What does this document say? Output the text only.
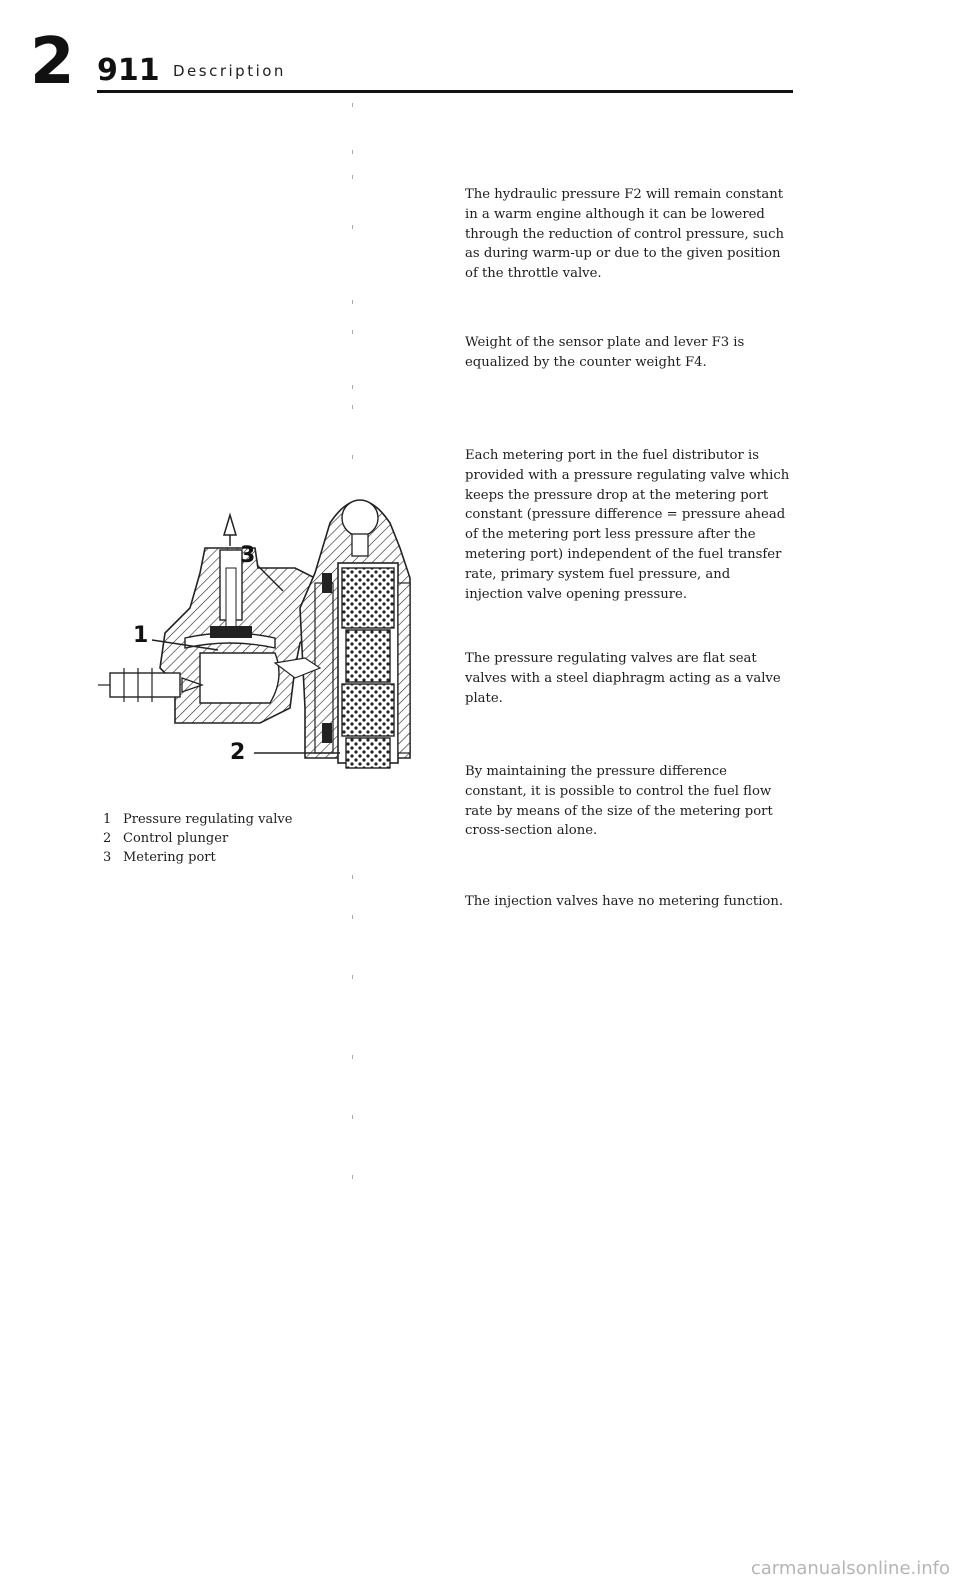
2 911 Description

The hydraulic pressure F2 will remain constant in a warm engine although it can be lowered through the reduction of control pressure, such as during warm-up or due to the given position of the throttle valve.

Weight of the sensor plate and lever F3 is equalized by the counter weight F4.

Each metering port in the fuel distributor is provided with a pressure regulating valve which keeps the pressure drop at the metering port constant (pressure difference = pressure ahead of the metering port less pressure after the metering port) independent of the fuel transfer rate, primary system fuel pressure, and injection valve opening pressure.

The pressure regulating valves are flat seat valves with a steel diaphragm acting as a valve plate.

By maintaining the pressure difference constant, it is possible to control the fuel flow rate by means of the size of the metering port cross-section alone.

The injection valves have no metering function.

3
1
2
1 Pressure regulating valve
2 Control plunger
3 Metering port
carmanualsonline.info
